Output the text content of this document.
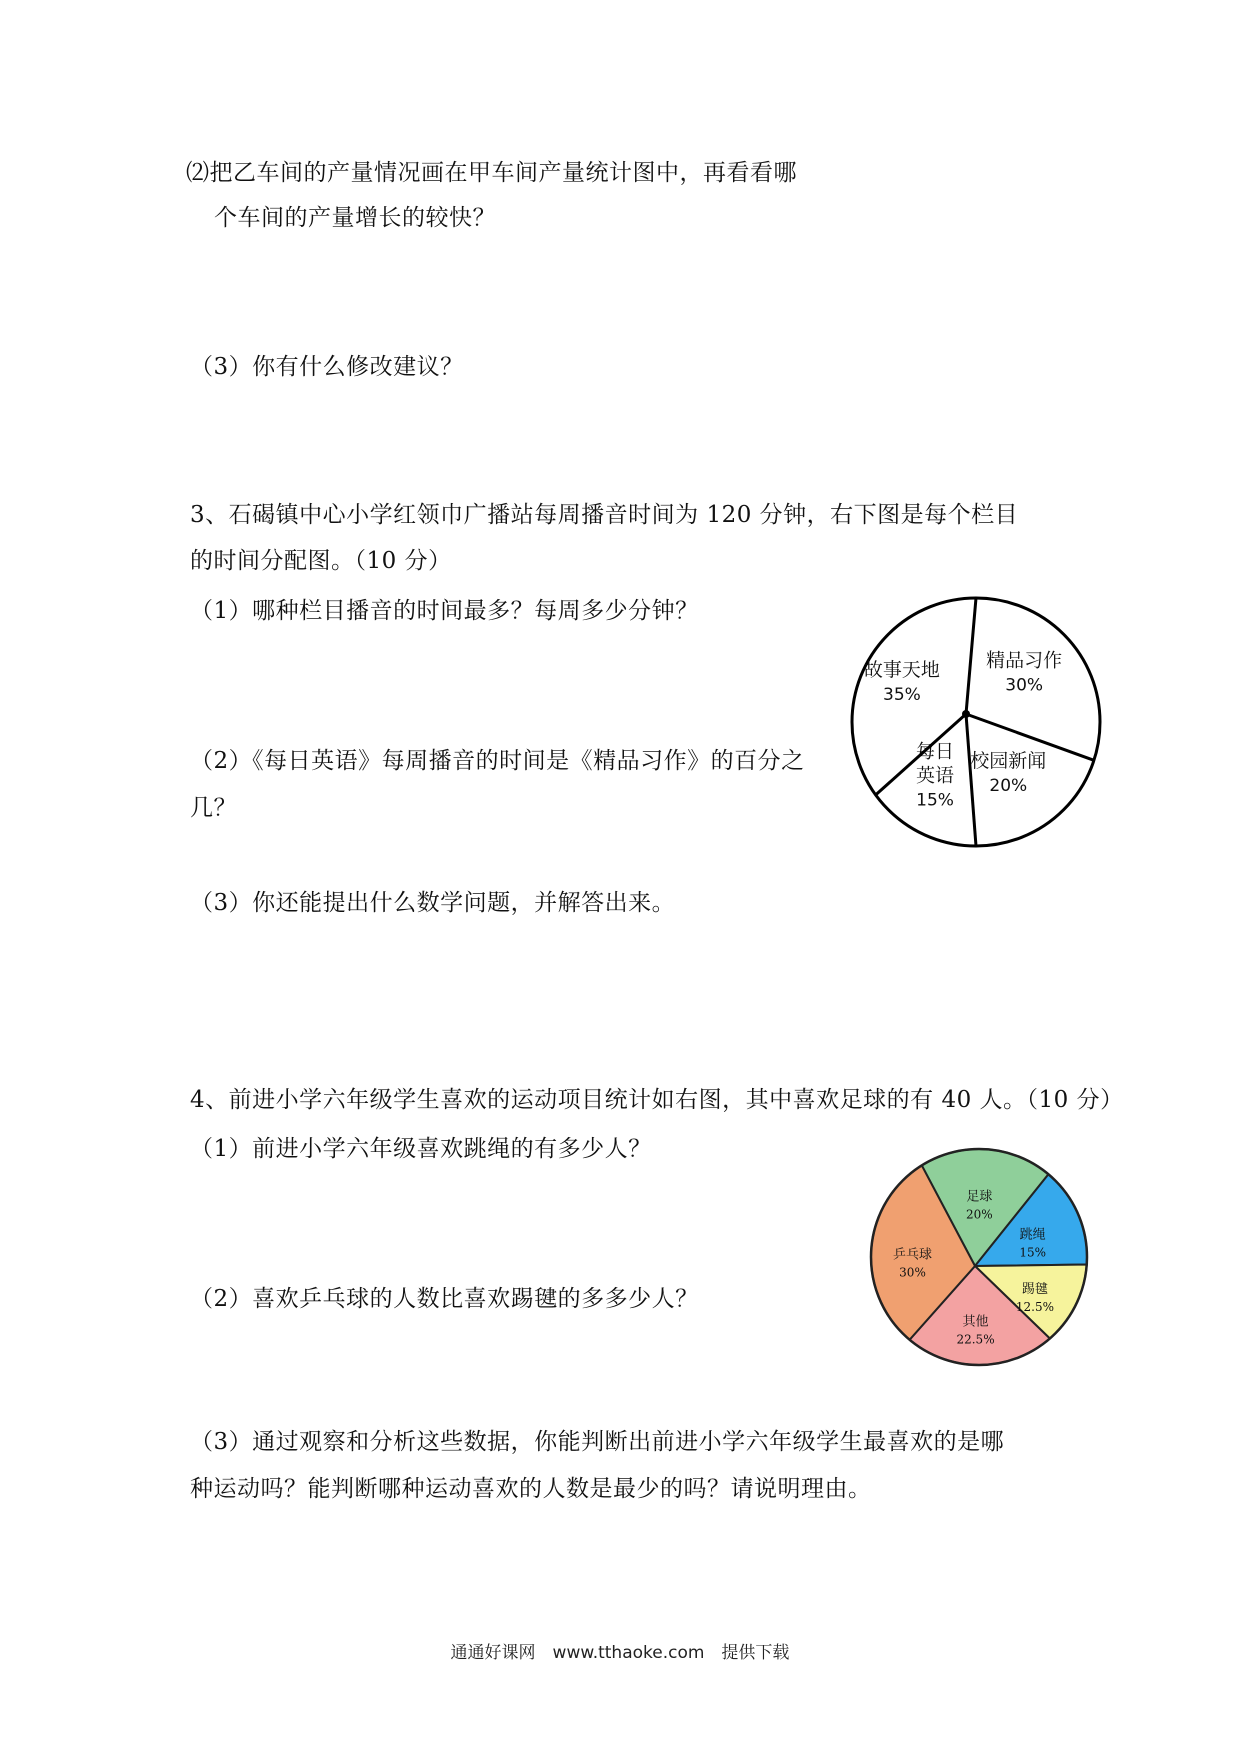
⑵把乙车间的产量情况画在甲车间产量统计图中，再看看哪
个车间的产量增长的较快？
（3）你有什么修改建议？
3、石碣镇中心小学红领巾广播站每周播音时间为 120 分钟，右下图是每个栏目
的时间分配图。（10 分）
（1）哪种栏目播音的时间最多？每周多少分钟？
（2）《每日英语》每周播音的时间是《精品习作》的百分之
几？
（3）你还能提出什么数学问题，并解答出来。
精品习作
30%
校园新闻
20%
每日
英语
15%
故事天地
35%
4、前进小学六年级学生喜欢的运动项目统计如右图，其中喜欢足球的有 40 人。（10 分）
（1）前进小学六年级喜欢跳绳的有多少人？
（2）喜欢乒乓球的人数比喜欢踢毽的多多少人？
（3）通过观察和分析这些数据，你能判断出前进小学六年级学生最喜欢的是哪
种运动吗？能判断哪种运动喜欢的人数是最少的吗？请说明理由。
足球
20%
跳绳
15%
踢毽
12.5%
其他
22.5%
乒乓球
30%
通通好课网　www.tthaoke.com　提供下载
